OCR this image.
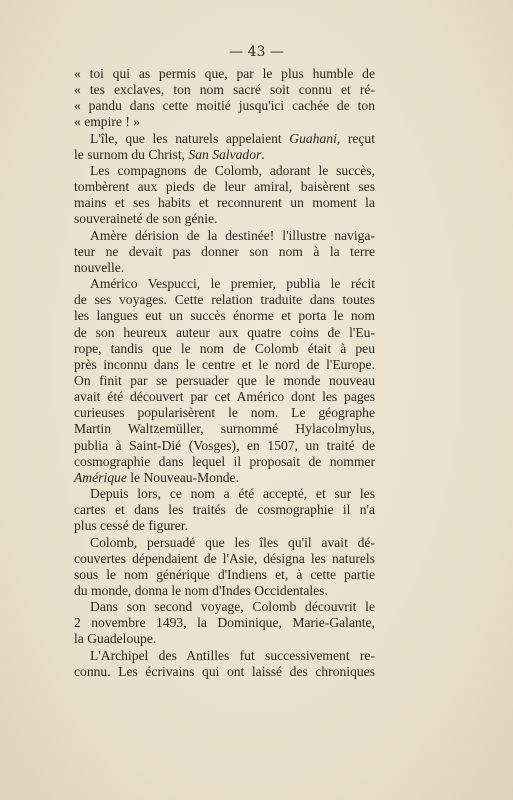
— 43 —
« toi qui as permis que, par le plus humble de
« tes exclaves, ton nom sacré soit connu et ré-
« pandu dans cette moitié jusqu'ici cachée de ton
« empire ! »
L'île, que les naturels appelaient Guahani, reçut
le surnom du Christ, San Salvador.
Les compagnons de Colomb, adorant le succès,
tombèrent aux pieds de leur amiral, baisèrent ses
mains et ses habits et reconnurent un moment la
souveraineté de son génie.
Amère dérision de la destinée! l'illustre naviga-
teur ne devait pas donner son nom à la terre
nouvelle.
Américo Vespucci, le premier, publia le récit
de ses voyages. Cette relation traduite dans toutes
les langues eut un succès énorme et porta le nom
de son heureux auteur aux quatre coins de l'Eu-
rope, tandis que le nom de Colomb était à peu
près inconnu dans le centre et le nord de l'Europe.
On finit par se persuader que le monde nouveau
avait été découvert par cet Américo dont les pages
curieuses popularisèrent le nom. Le géographe
Martin Waltzemüller, surnommé Hylacolmylus,
publia à Saint-Dié (Vosges), en 1507, un traité de
cosmographie dans lequel il proposait de nommer
Amérique le Nouveau-Monde.
Depuis lors, ce nom a été accepté, et sur les
cartes et dans les traités de cosmographie il n'a
plus cessé de figurer.
Colomb, persuadé que les îles qu'il avait dé-
couvertes dépendaient de l'Asie, désigna les naturels
sous le nom générique d'Indiens et, à cette partie
du monde, donna le nom d'Indes Occidentales.
Dans son second voyage, Colomb découvrit le
2 novembre 1493, la Dominique, Marie-Galante,
la Guadeloupe.
L'Archipel des Antilles fut successivement re-
connu. Les écrivains qui ont laissé des chroniques
